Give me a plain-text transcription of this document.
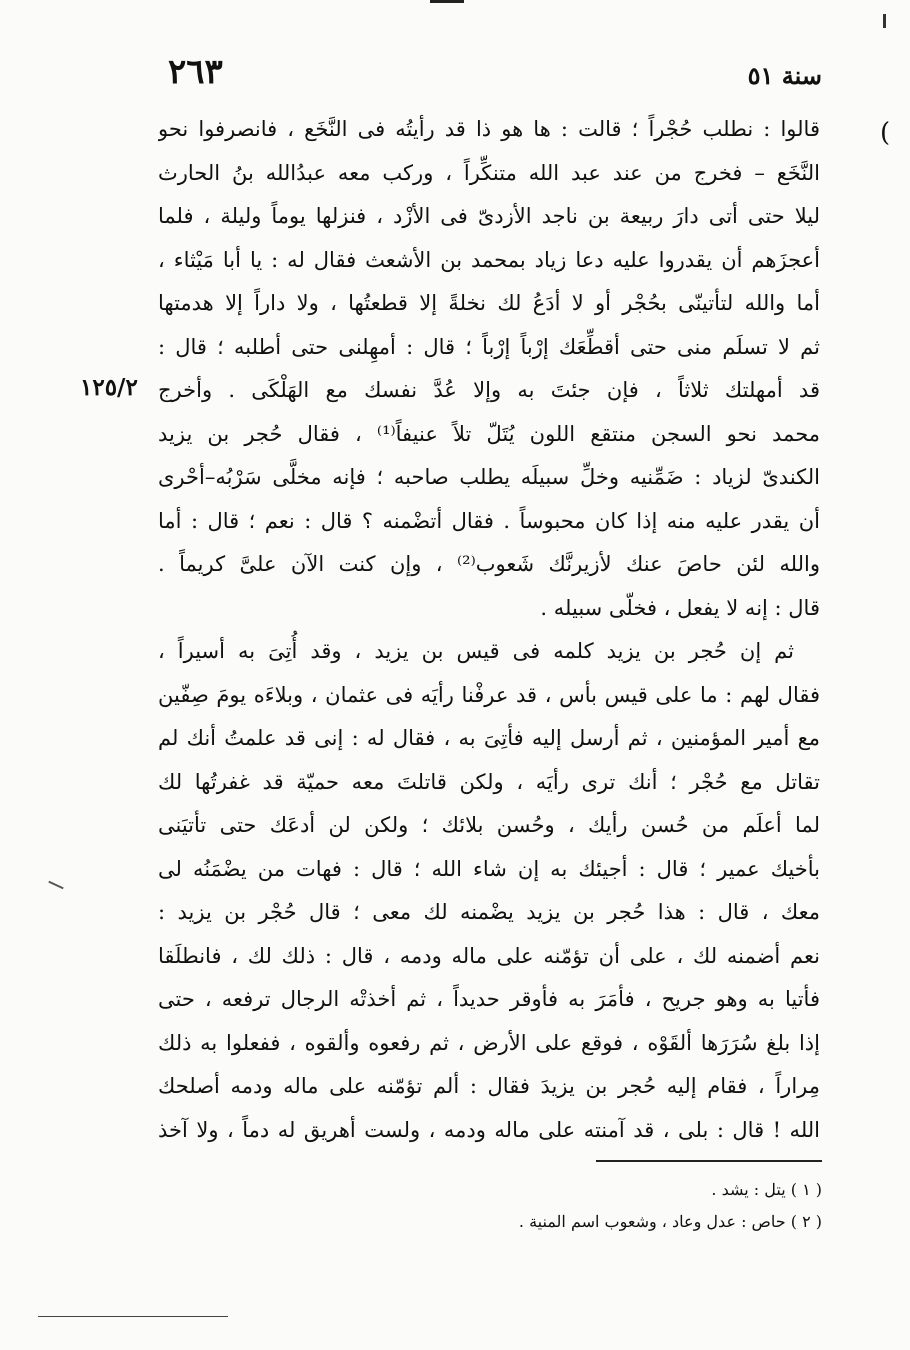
(
٢٦٣	سنة ٥١
١٢٥/٢
قالوا : نطلب حُجْراً ؛ قالت : ها هو ذا قد رأيتُه فى النَّخَع ، فانصرفوا نحو
النَّخَع – فخرج من عند عبد الله متنكِّراً ، وركب معه عبدُالله بنُ الحارث
ليلا حتى أتى دارَ ربيعة بن ناجد الأزدىّ فى الأزْد ، فنزلها يوماً وليلة ، فلما
أعجزَهم أن يقدروا عليه دعا زياد بمحمد بن الأشعث فقال له : يا أبا مَيْثاء ،
أما والله لتأتينّى بحُجْر أو لا أدَعُ لك نخلةً إلا قطعتُها ، ولا داراً إلا هدمتها
ثم لا تسلَم منى حتى أقطِّعَك إرْباً إرْباً ؛ قال : أمهِلنى حتى أطلبه ؛ قال :
قد أمهلتك ثلاثاً ، فإن جئتَ به وإلا عُدَّ نفسك مع الهَلْكَى . وأخرج
محمد نحو السجن منتقع اللون يُتَلّ تلاً عنيفاً⁽¹⁾ ، فقال حُجر بن يزيد
الكندىّ لزياد : ضَمِّنيه وخلِّ سبيلَه يطلب صاحبه ؛ فإنه مخلَّى سَرْبُه–أحْرى
أن يقدر عليه منه إذا كان محبوساً . فقال أتضْمنه ؟ قال : نعم ؛ قال : أما
والله لئن حاصَ عنك لأزيرنَّك شَعوب⁽²⁾ ، وإن كنت الآن علىَّ كريماً .
قال : إنه لا يفعل ، فخلّى سبيله .
ثم إن حُجر بن يزيد كلمه فى قيس بن يزيد ، وقد أُتِىَ به أسيراً ،
فقال لهم : ما على قيس بأس ، قد عرفْنا رأيَه فى عثمان ، وبلاءَه يومَ صِفّين
مع أمير المؤمنين ، ثم أرسل إليه فأتِىَ به ، فقال له : إنى قد علمتُ أنك لم
تقاتل مع حُجْر ؛ أنك ترى رأيَه ، ولكن قاتلتَ معه حميّة قد غفرتُها لك
لما أعلَم من حُسن رأيك ، وحُسن بلائك ؛ ولكن لن أدعَك حتى تأتيَنى
بأخيك عمير ؛ قال : أجيئك به إن شاء الله ؛ قال : فهات من يضْمَنُه لى
معك ، قال : هذا حُجر بن يزيد يضْمنه لك معى ؛ قال حُجْر بن يزيد :
نعم أضمنه لك ، على أن تؤمّنه على ماله ودمه ، قال : ذلك لك ، فانطلَقا
فأتيا به وهو جريح ، فأمَرَ به فأوقر حديداً ، ثم أخذتْه الرجال ترفعه ، حتى
إذا بلغ سُرَرَها ألقَوْه ، فوقع على الأرض ، ثم رفعوه وألقوه ، ففعلوا به ذلك
مِراراً ، فقام إليه حُجر بن يزيدَ فقال : ألم تؤمّنه على ماله ودمه أصلحك
الله ! قال : بلى ، قد آمنته على ماله ودمه ، ولست أهريق له دماً ، ولا آخذ
( ١ ) يتل : يشد .
( ٢ ) حاص : عدل وعاد ، وشعوب اسم المنية .
